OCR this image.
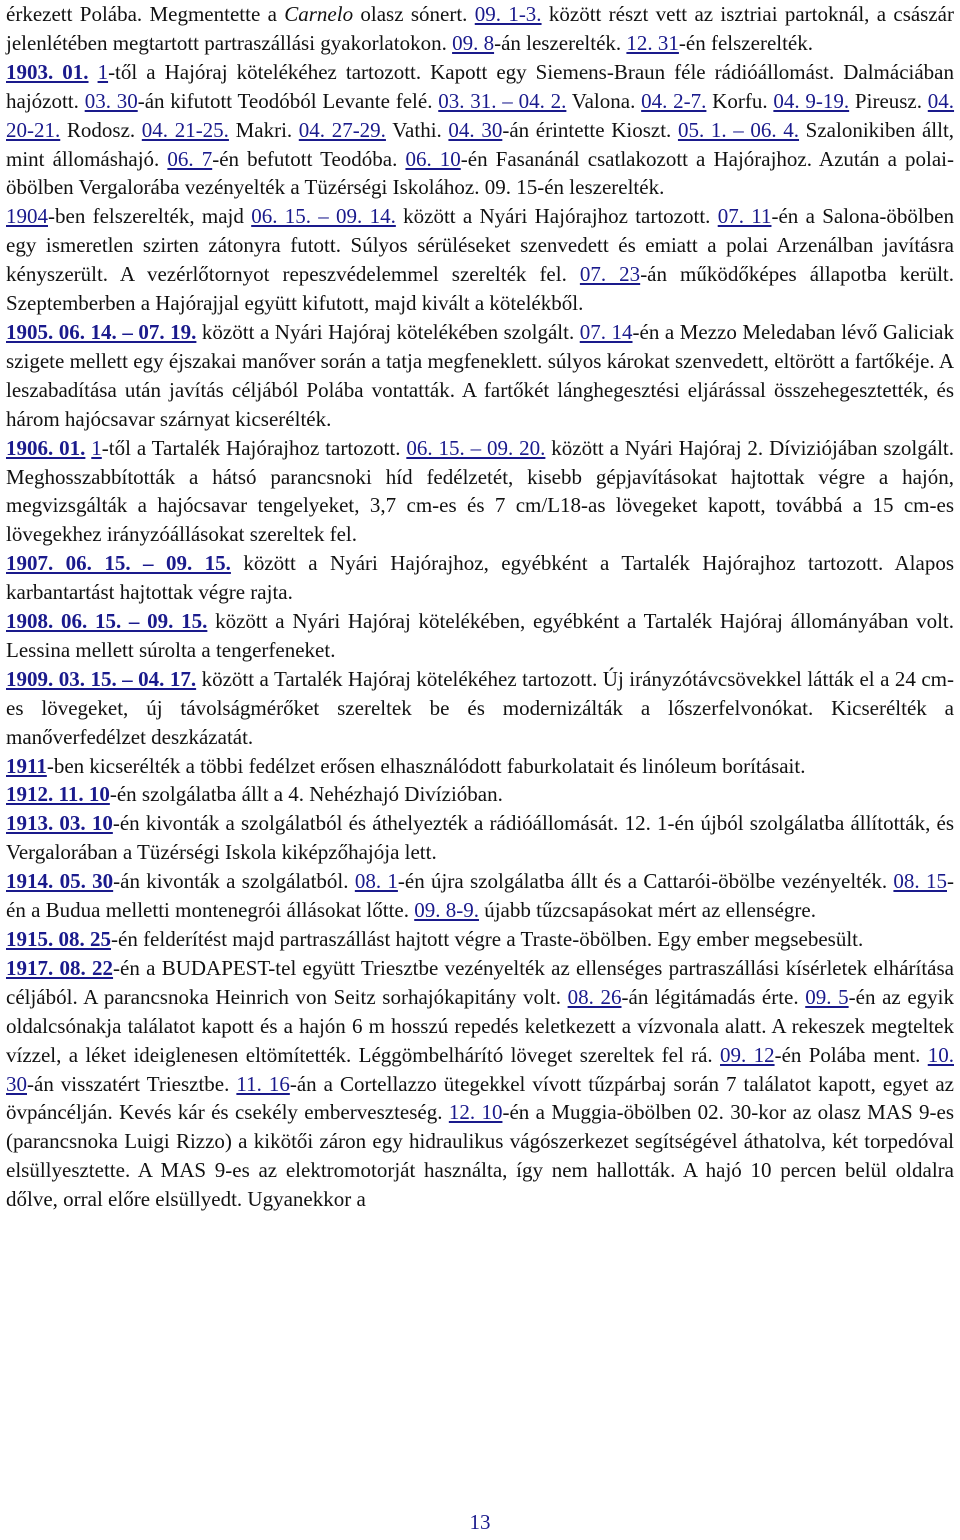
érkezett Polába. Megmentette a Carnelo olasz sónert. 09. 1-3. között részt vett az isztriai partoknál, a császár jelenlétében megtartott partraszállási gyakorlatokon. 09. 8-án leszerelték. 12. 31-én felszerelték.

1903. 01. 1-től a Hajóraj kötelékéhez tartozott. Kapott egy Siemens-Braun féle rádióállomást. Dalmáciában hajózott. 03. 30-án kifutott Teodóból Levante felé. 03. 31. – 04. 2. Valona. 04. 2-7. Korfu. 04. 9-19. Pireusz. 04. 20-21. Rodosz. 04. 21-25. Makri. 04. 27-29. Vathi. 04. 30-án érintette Kioszt. 05. 1. – 06. 4. Szalonikiben állt, mint állomáshajó. 06. 7-én befutott Teodóba. 06. 10-én Fasanánál csatlakozott a Hajórajhoz. Azután a polai-öbölben Vergalorába vezényelték a Tüzérségi Iskolához. 09. 15-én leszerelték.

1904-ben felszerelték, majd 06. 15. – 09. 14. között a Nyári Hajórajhoz tartozott. 07. 11-én a Salona-öbölben egy ismeretlen szirten zátonyra futott. Súlyos sérüléseket szenvedett és emiatt a polai Arzenálban javításra kényszerült. A vezérlőtornyot repeszvédelemmel szerelték fel. 07. 23-án működőképes állapotba került. Szeptemberben a Hajórajjal együtt kifutott, majd kivált a kötelékből.

1905. 06. 14. – 07. 19. között a Nyári Hajóraj kötelékében szolgált. 07. 14-én a Mezzo Meledaban lévő Galiciak szigete mellett egy éjszakai manőver során a tatja megfeneklett. súlyos károkat szenvedett, eltörött a fartőkéje. A leszabadítása után javítás céljából Polába vontatták. A fartőkét lánghegesztési eljárással összehegesztették, és három hajócsavar szárnyat kicserélték.

1906. 01. 1-től a Tartalék Hajórajhoz tartozott. 06. 15. – 09. 20. között a Nyári Hajóraj 2. Díviziójában szolgált. Meghosszabbították a hátsó parancsnoki híd fedélzetét, kisebb gépjavításokat hajtottak végre a hajón, megvizsgálták a hajócsavar tengelyeket, 3,7 cm-es és 7 cm/L18-as lövegeket kapott, továbbá a 15 cm-es lövegekhez irányzóállásokat szereltek fel.

1907. 06. 15. – 09. 15. között a Nyári Hajórajhoz, egyébként a Tartalék Hajórajhoz tartozott. Alapos karbantartást hajtottak végre rajta.

1908. 06. 15. – 09. 15. között a Nyári Hajóraj kötelékében, egyébként a Tartalék Hajóraj állományában volt. Lessina mellett súrolta a tengerfeneket.

1909. 03. 15. – 04. 17. között a Tartalék Hajóraj kötelékéhez tartozott. Új irányzótávcsövekkel látták el a 24 cm-es lövegeket, új távolságmérőket szereltek be és modernizálták a lőszerfelvonókat. Kicserélték a manőverfedélzet deszkázatát.

1911-ben kicserélték a többi fedélzet erősen elhasználódott faburkolatait és linóleum borításait.

1912. 11. 10-én szolgálatba állt a 4. Nehézhajó Divízióban.

1913. 03. 10-én kivonták a szolgálatból és áthelyezték a rádióállomását. 12. 1-én újból szolgálatba állították, és Vergalorában a Tüzérségi Iskola kiképzőhajója lett.

1914. 05. 30-án kivonták a szolgálatból. 08. 1-én újra szolgálatba állt és a Cattarói-öbölbe vezényelték. 08. 15-én a Budua melletti montenegrói állásokat lőtte. 09. 8-9. újabb tűzcsapásokat mért az ellenségre.

1915. 08. 25-én felderítést majd partraszállást hajtott végre a Traste-öbölben. Egy ember megsebesült.

1917. 08. 22-én a BUDAPEST-tel együtt Triesztbe vezényelték az ellenséges partraszállási kísérletek elhárítása céljából. A parancsnoka Heinrich von Seitz sorhajókapitány volt. 08. 26-án légitámadás érte. 09. 5-én az egyik oldalcsónakja találatot kapott és a hajón 6 m hosszú repedés keletkezett a vízvonala alatt. A rekeszek megteltek vízzel, a léket ideiglenesen eltömítették. Léggömbelhárító löveget szereltek fel rá. 09. 12-én Polába ment. 10. 30-án visszatért Triesztbe. 11. 16-án a Cortellazzo ütegekkel vívott tűzpárbaj során 7 találatot kapott, egyet az övpáncélján. Kevés kár és csekély emberveszteség. 12. 10-én a Muggia-öbölben 02. 30-kor az olasz MAS 9-es (parancsnoka Luigi Rizzo) a kikötői záron egy hidraulikus vágószerkezet segítségével áthatolva, két torpedóval elsüllyesztette. A MAS 9-es az elektromotorját használta, így nem hallották. A hajó 10 percen belül oldalra dőlve, orral előre elsüllyedt. Ugyanekkor a

13
